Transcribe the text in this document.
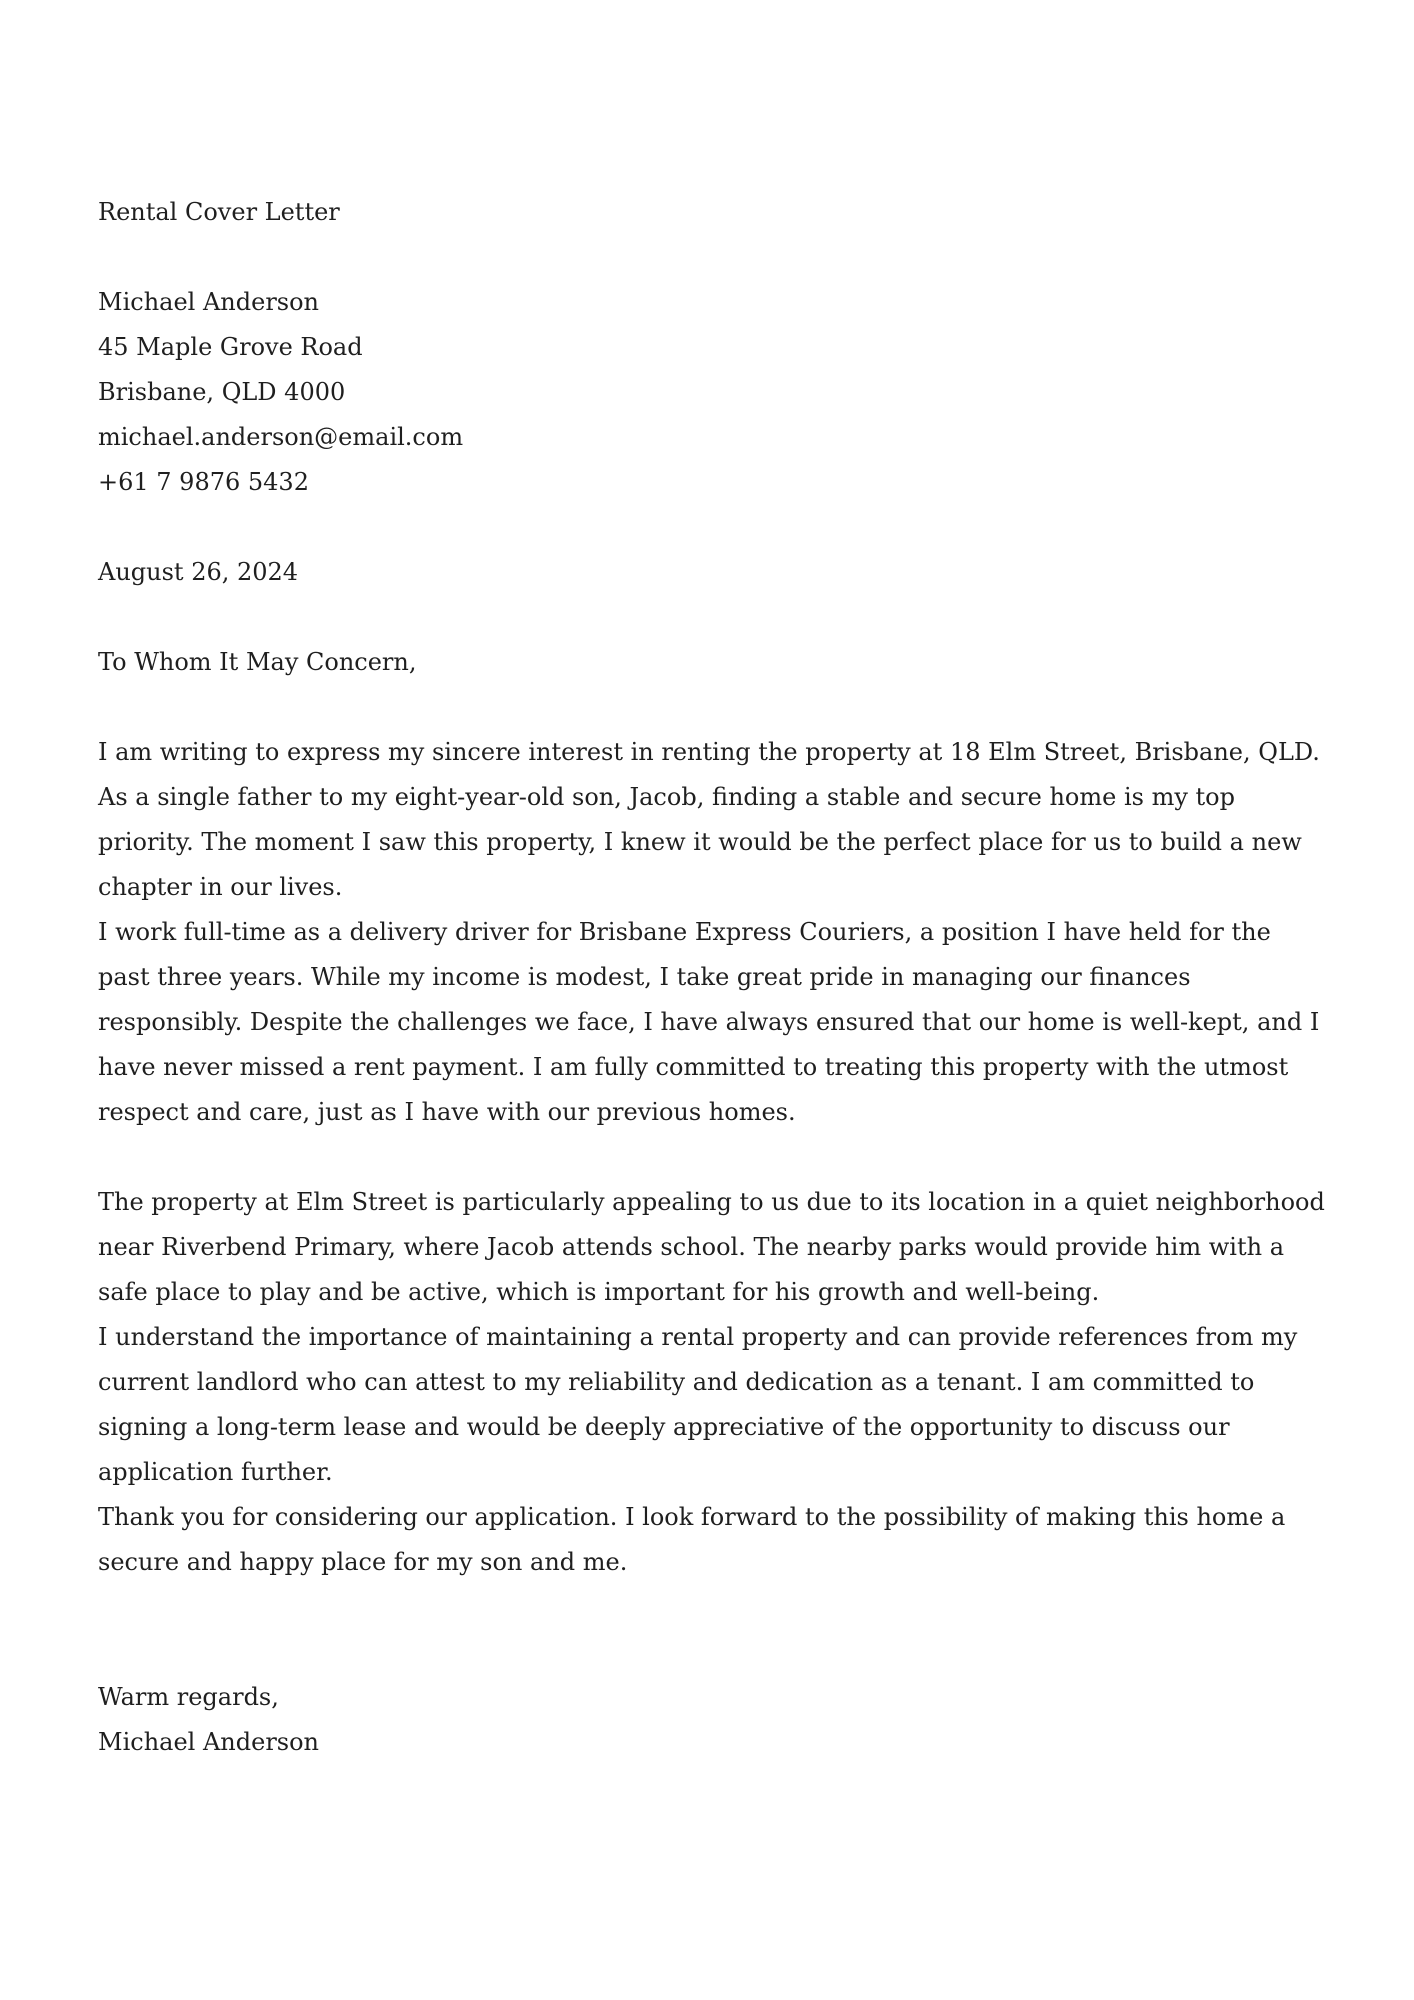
Rental Cover Letter
Michael Anderson
45 Maple Grove Road
Brisbane, QLD 4000
michael.anderson@email.com
+61 7 9876 5432
August 26, 2024
To Whom It May Concern,

I am writing to express my sincere interest in renting the property at 18 Elm Street, Brisbane, QLD. As a single father to my eight-year-old son, Jacob, finding a stable and secure home is my top priority. The moment I saw this property, I knew it would be the perfect place for us to build a new chapter in our lives.

I work full-time as a delivery driver for Brisbane Express Couriers, a position I have held for the past three years. While my income is modest, I take great pride in managing our finances responsibly. Despite the challenges we face, I have always ensured that our home is well-kept, and I have never missed a rent payment. I am fully committed to treating this property with the utmost respect and care, just as I have with our previous homes.

The property at Elm Street is particularly appealing to us due to its location in a quiet neighborhood near Riverbend Primary, where Jacob attends school. The nearby parks would provide him with a safe place to play and be active, which is important for his growth and well-being.

I understand the importance of maintaining a rental property and can provide references from my current landlord who can attest to my reliability and dedication as a tenant. I am committed to signing a long-term lease and would be deeply appreciative of the opportunity to discuss our application further.

Thank you for considering our application. I look forward to the possibility of making this home a secure and happy place for my son and me.

Warm regards,
Michael Anderson
